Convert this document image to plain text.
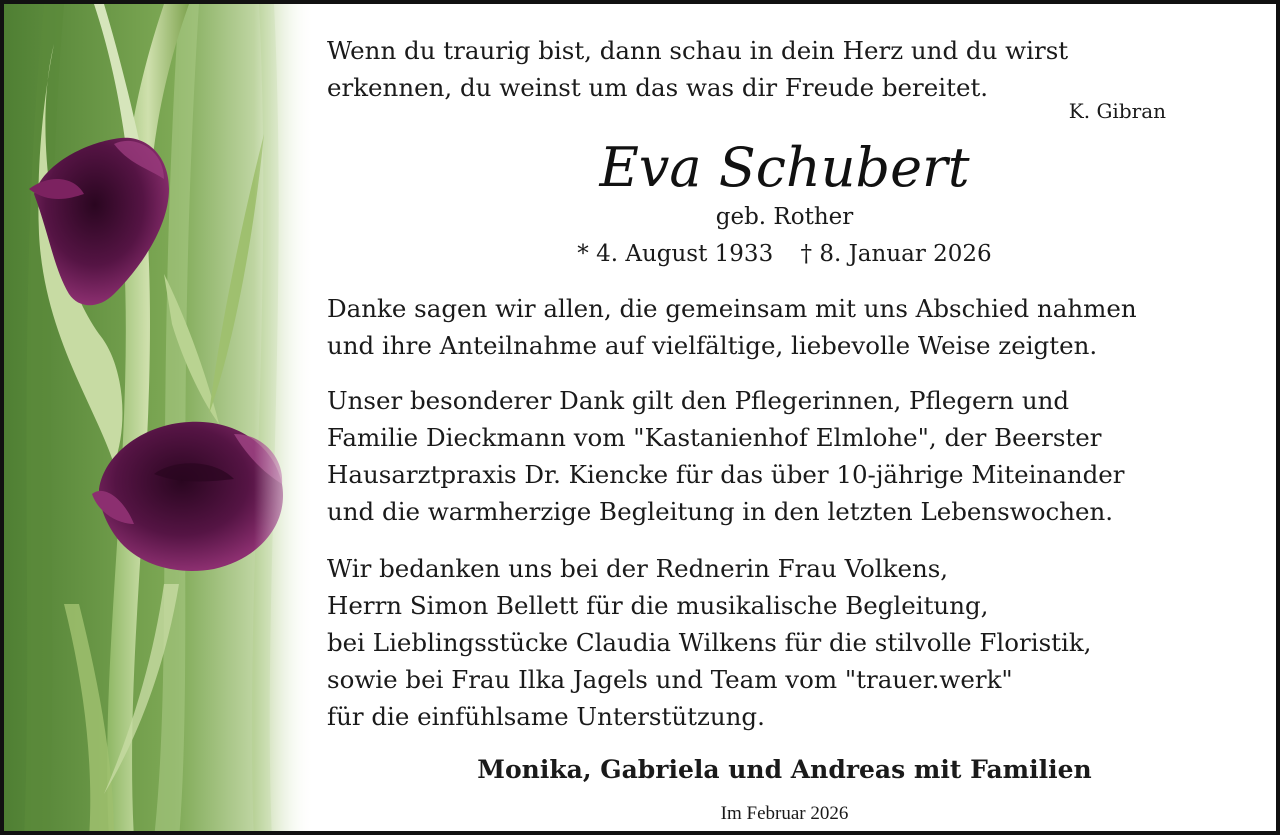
Wenn du traurig bist, dann schau in dein Herz und du wirst
erkennen, du weinst um das was dir Freude bereitet.
K. Gibran
Eva Schubert
geb. Rother
* 4. August 1933 † 8. Januar 2026
Danke sagen wir allen, die gemeinsam mit uns Abschied nahmen
und ihre Anteilnahme auf vielfältige, liebevolle Weise zeigten.
Unser besonderer Dank gilt den Pflegerinnen, Pflegern und
Familie Dieckmann vom "Kastanienhof Elmlohe", der Beerster
Hausarztpraxis Dr. Kiencke für das über 10-jährige Miteinander
und die warmherzige Begleitung in den letzten Lebenswochen.
Wir bedanken uns bei der Rednerin Frau Volkens,
Herrn Simon Bellett für die musikalische Begleitung,
bei Lieblingsstücke Claudia Wilkens für die stilvolle Floristik,
sowie bei Frau Ilka Jagels und Team vom "trauer.werk"
für die einfühlsame Unterstützung.
Monika, Gabriela und Andreas mit Familien
Im Februar 2026
